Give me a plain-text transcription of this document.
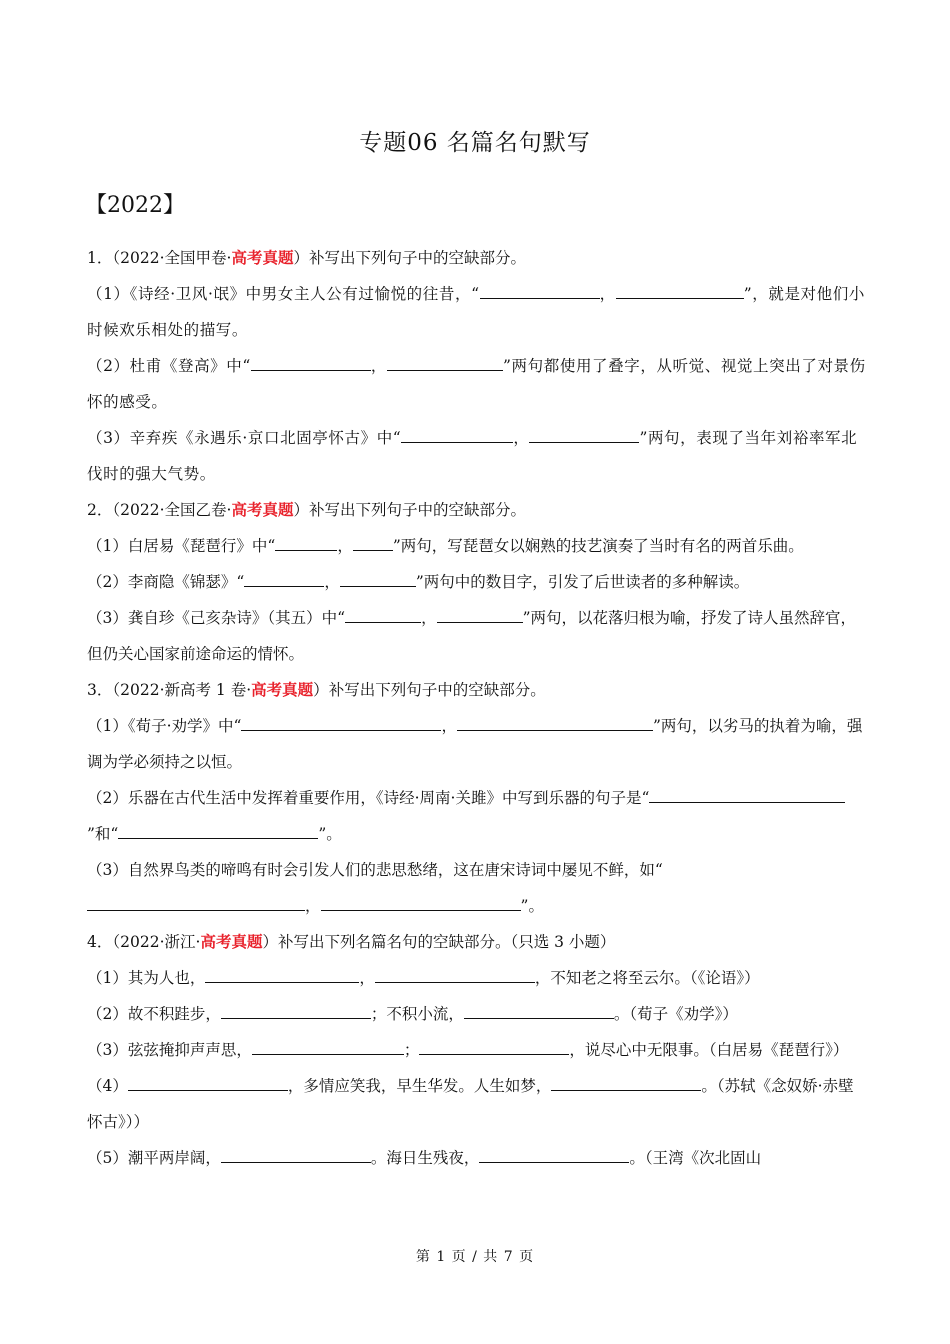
专题06 名篇名句默写
【2022】
1．（2022·全国甲卷·高考真题）补写出下列句子中的空缺部分。
（1）《诗经·卫风·氓》中男女主人公有过愉悦的往昔，“	，	”，就是对他们小时候欢乐相处的描写。
（2）杜甫《登高》中“	，	”两句都使用了叠字，从听觉、视觉上突出了对景伤怀的感受。
（3）辛弃疾《永遇乐·京口北固亭怀古》中“	，	”两句，表现了当年刘裕率军北伐时的强大气势。
2．（2022·全国乙卷·高考真题）补写出下列句子中的空缺部分。
（1）白居易《琵琶行》中“	，	”两句，写琵琶女以娴熟的技艺演奏了当时有名的两首乐曲。
（2）李商隐《锦瑟》“	，	”两句中的数目字，引发了后世读者的多种解读。
（3）龚自珍《己亥杂诗》（其五）中“	，	”两句，以花落归根为喻，抒发了诗人虽然辞官，但仍关心国家前途命运的情怀。
3．（2022·新高考 1 卷·高考真题）补写出下列句子中的空缺部分。
（1）《荀子·劝学》中“	，	”两句，以劣马的执着为喻，强调为学必须持之以恒。
（2）乐器在古代生活中发挥着重要作用，《诗经·周南·关雎》中写到乐器的句子是“”和“	”。
（3）自然界鸟类的啼鸣有时会引发人们的悲思愁绪，这在唐宋诗词中屡见不鲜，如“，	”。
4．（2022·浙江·高考真题）补写出下列名篇名句的空缺部分。（只选 3 小题）
（1）其为人也，	，	，不知老之将至云尔。（《论语》）
（2）故不积跬步，	；不积小流，	。（荀子《劝学》）
（3）弦弦掩抑声声思，	；	，说尽心中无限事。（白居易《琵琶行》）
（4）	，多情应笑我，早生华发。人生如梦，	。（苏轼《念奴娇·赤壁怀古》））
（5）潮平两岸阔，	。海日生残夜，	。（王湾《次北固山
第 1 页 / 共 7 页
